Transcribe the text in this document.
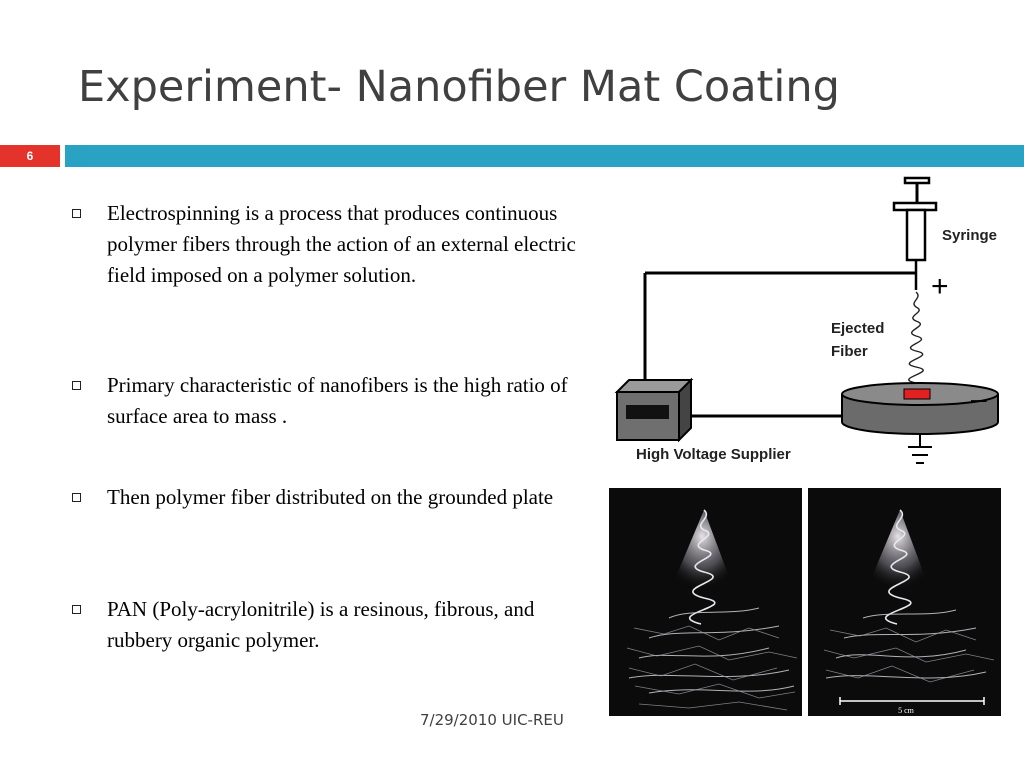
Experiment- Nanofiber Mat Coating
6
Electrospinning is a process that produces continuous polymer fibers through the action of an external electric field imposed on a polymer solution.
Primary characteristic of nanofibers is the high ratio of surface area to mass .
Then polymer fiber distributed on the grounded plate
PAN (Poly-acrylonitrile) is a resinous, fibrous, and rubbery organic polymer.
Syringe
+
Ejected
Fiber
–
High Voltage Supplier
5 cm
7/29/2010 UIC-REU
